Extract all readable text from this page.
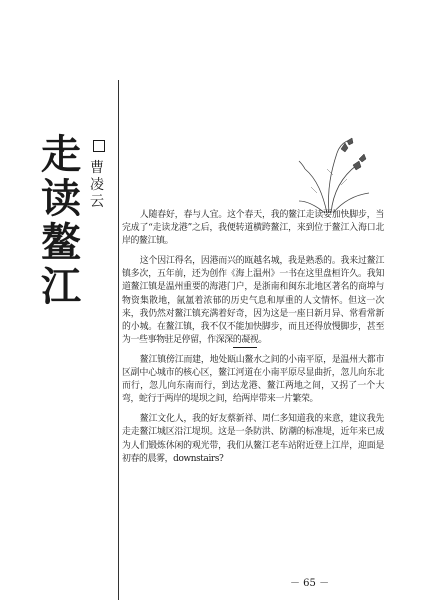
走
读
鳌
江
曹
凌
云

人随春好，春与人宜。这个春天，我的鳌江走读要加快脚步，当完成了“走读龙港”之后，我便转道横跨鳌江，来到位于鳌江入海口北岸的鳌江镇。

这个因江得名，因港而兴的瓯越名城，我是熟悉的。我来过鳌江镇多次，五年前，还为创作《海上温州》一书在这里盘桓许久。我知道鳌江镇是温州重要的海港门户，是浙南和闽东北地区著名的商埠与物资集散地，氤氲着浓郁的历史气息和厚重的人文情怀。但这一次来，我仍然对鳌江镇充满着好奇，因为这是一座日新月异、常看常新的小城。在鳌江镇，我不仅不能加快脚步，而且还得放慢脚步，甚至为一些事物驻足停留，作深深的凝视。

鳌江镇傍江而建，地处瓯山鳌水之间的小南平原，是温州大都市区副中心城市的核心区，鳌江河道在小南平原尽显曲折，忽儿向东北而行，忽儿向东南而行，到达龙港、鳌江两地之间，又拐了一个大弯，蛇行于两岸的堤坝之间，给两岸带来一片繁荣。

鳌江文化人，我的好友蔡新祥、周仁多知道我的来意，建议我先走走鳌江城区沿江堤坝。这是一条防洪、防潮的标准堤，近年来已成为人们锻炼休闲的观光带，我们从鳌江老车站附近登上江岸，迎面是初春的晨雾，downstairs?

－ 65 －
